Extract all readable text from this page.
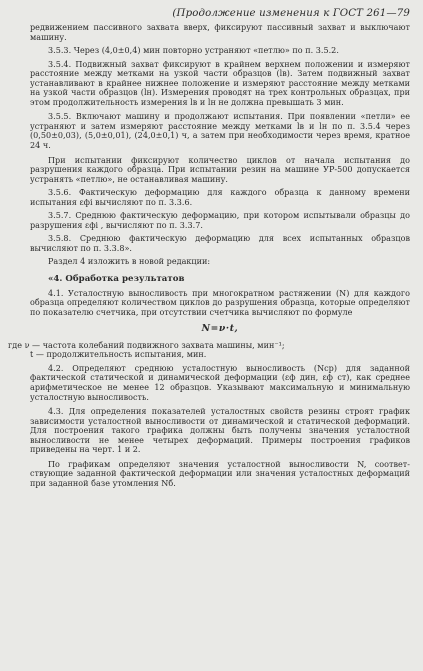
(Продолжение изменения к ГОСТ 261—79

редвижением пассивного захвата вверх, фиксируют пассивный захват и выключают машину.

3.5.3. Через (4,0±0,4) мин повторно устраняют «петлю» по п. 3.5.2.

3.5.4. Подвижный захват фиксируют в крайнем верхнем положении и измеряют расстояние между метками на узкой части образцов (lв). Затем подвижный захват устанавливают в крайнее нижнее положение и измеряют расстояние между метками на узкой части образцов (lн). Измерения проводят на трех контрольных образцах, при этом продолжительность измерения lв и lн не должна превышать 3 мин.

3.5.5. Включают машину и продолжают испытания. При появлении «петли» ее устраняют и затем измеряют расстояние между метками lв и lн по п. 3.5.4 через (0,50±0,03), (5,0±0,01), (24,0±0,1) ч, а затем при необходимости через время, кратное 24 ч.

При испытании фиксируют количество циклов от начала испытания до разрушения каждого образца. При испытании резин на машине УР-500 допускается устранять «петлю», не останавливая машину.

3.5.6. Фактическую деформацию для каждого образца к данному времени испытания εфi вычисляют по п. 3.3.6.

3.5.7. Среднюю фактическую деформацию, при котором испытывали образцы до разрушения εфi , вычисляют по п. 3.3.7.

3.5.8. Среднюю фактическую деформацию для всех испытанных образцов вычисляют по п. 3.3.8».

Раздел 4 изложить в новой редакции:

«4. Обработка результатов

4.1. Усталостную выносливость при многократном растяжении (N) для каждого образца определяют количеством циклов до разрушения образца, которые определяют по показателю счетчика, при отсутствии счетчика вычисляют по формуле

N=ν·t,

где ν — частота колебаний подвижного захвата машины, мин⁻¹;

t — продолжительность испытания, мин.

4.2. Определяют среднюю усталостную выносливость (Nср) для заданной фактической статической и динамической деформации (εф дин, εф ст), как среднее арифметическое не менее 12 образцов. Указывают максимальную и минимальную усталостную выносливость.

4.3. Для определения показателей усталостных свойств резины строят график зависимости усталостной выносливости от динамической и статической деформаций. Для построения такого графика должны быть получены значения усталостной выносливости не менее четырех деформаций. Примеры построения графиков приведены на черт. 1 и 2.

По графикам определяют значения усталостной выносливости N, соответствующие заданной фактической деформации или значения усталостных деформаций при заданной базе утомления Nб.
